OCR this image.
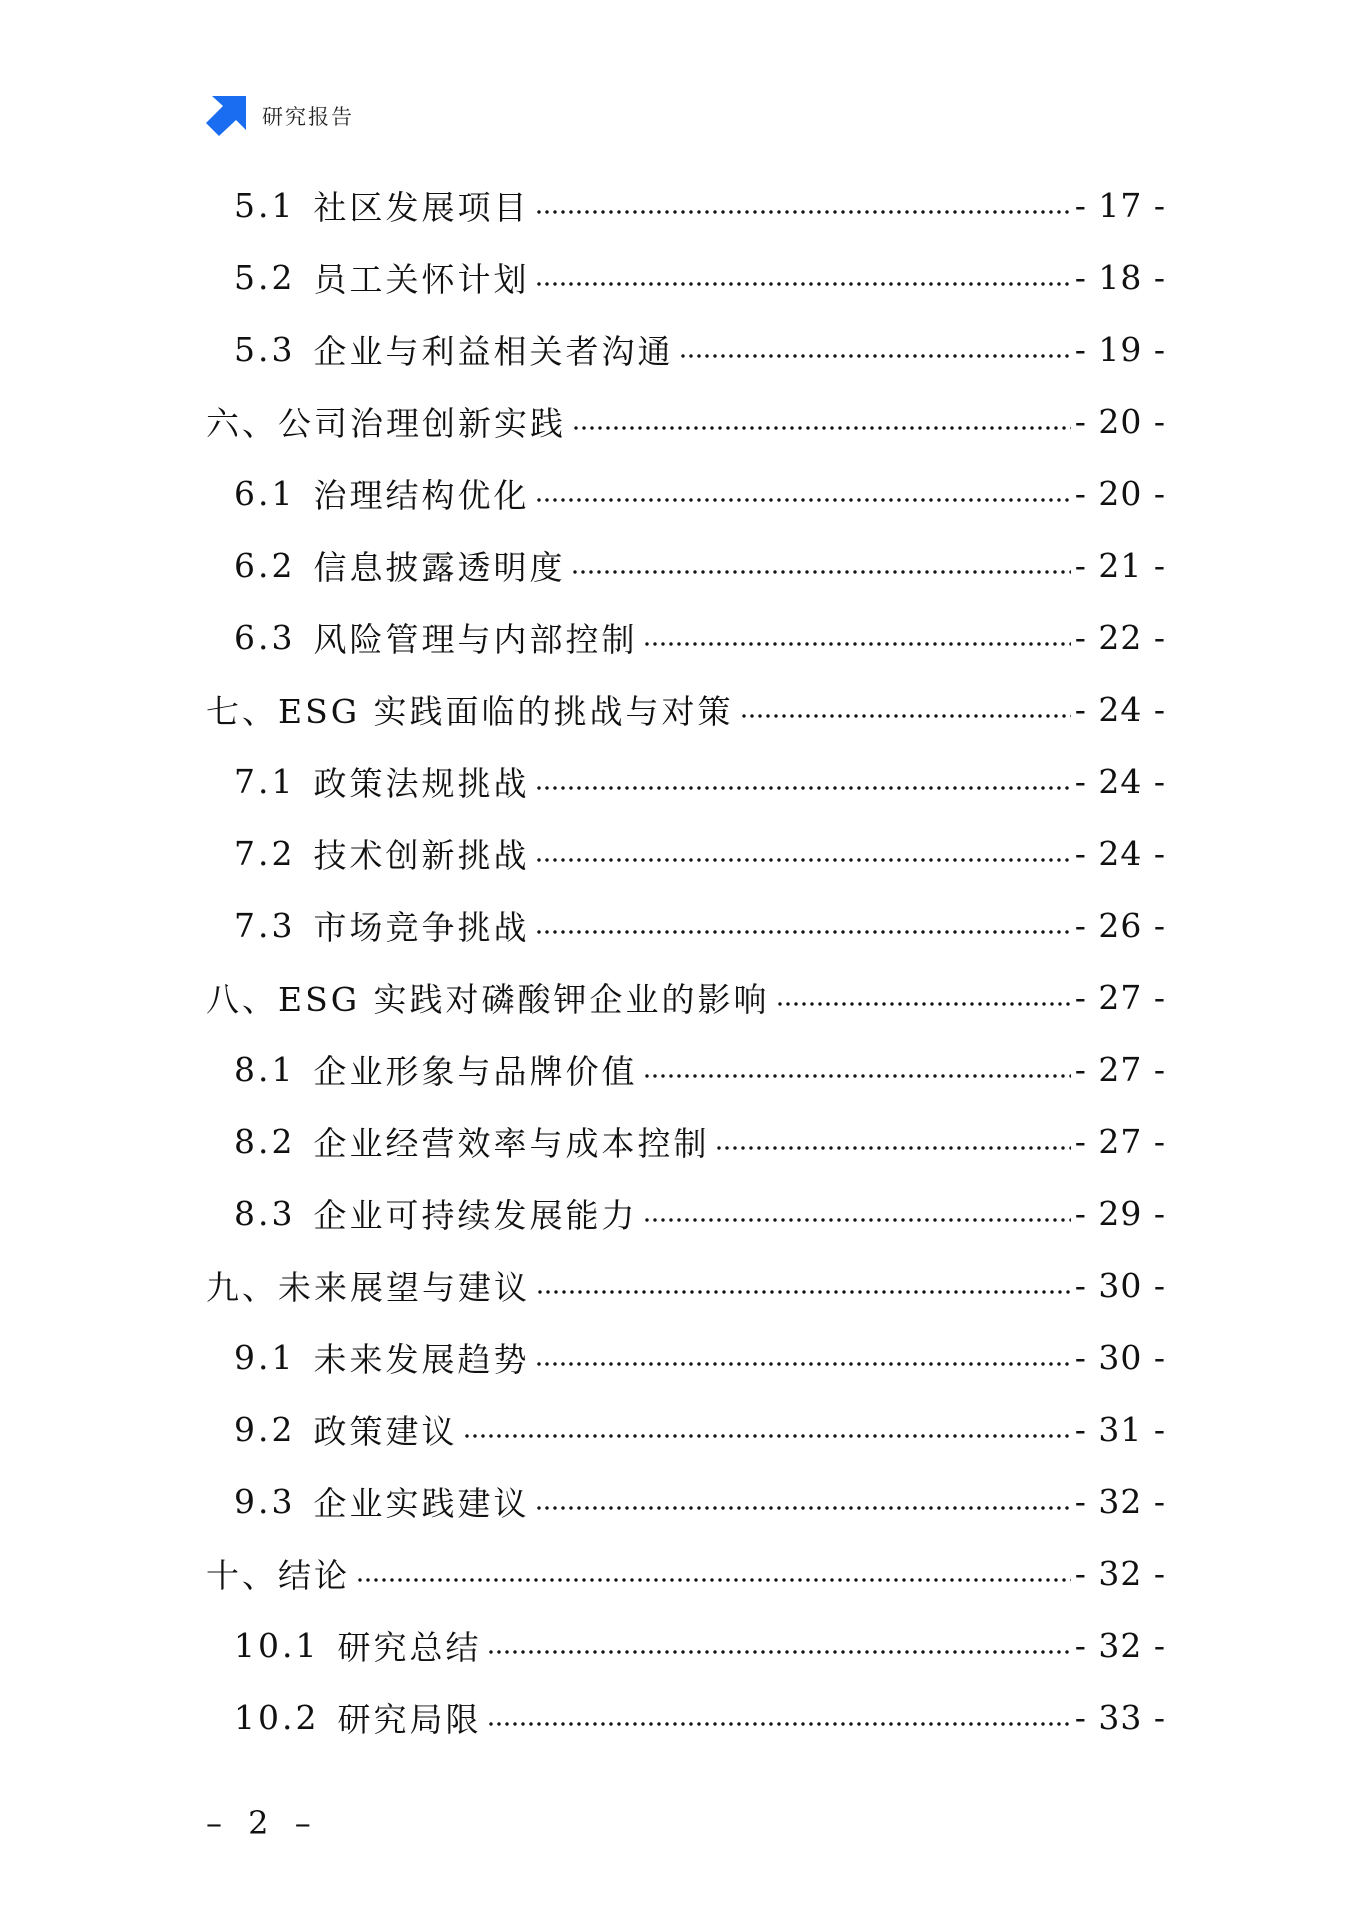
研究报告
5.1 社区发展项目	- 17 -
5.2 员工关怀计划	- 18 -
5.3 企业与利益相关者沟通	- 19 -
六、公司治理创新实践	- 20 -
6.1 治理结构优化	- 20 -
6.2 信息披露透明度	- 21 -
6.3 风险管理与内部控制	- 22 -
七、ESG 实践面临的挑战与对策	- 24 -
7.1 政策法规挑战	- 24 -
7.2 技术创新挑战	- 24 -
7.3 市场竞争挑战	- 26 -
八、ESG 实践对磷酸钾企业的影响	- 27 -
8.1 企业形象与品牌价值	- 27 -
8.2 企业经营效率与成本控制	- 27 -
8.3 企业可持续发展能力	- 29 -
九、未来展望与建议	- 30 -
9.1 未来发展趋势	- 30 -
9.2 政策建议	- 31 -
9.3 企业实践建议	- 32 -
十、结论	- 32 -
10.1 研究总结	- 32 -
10.2 研究局限	- 33 -
– 2 –
